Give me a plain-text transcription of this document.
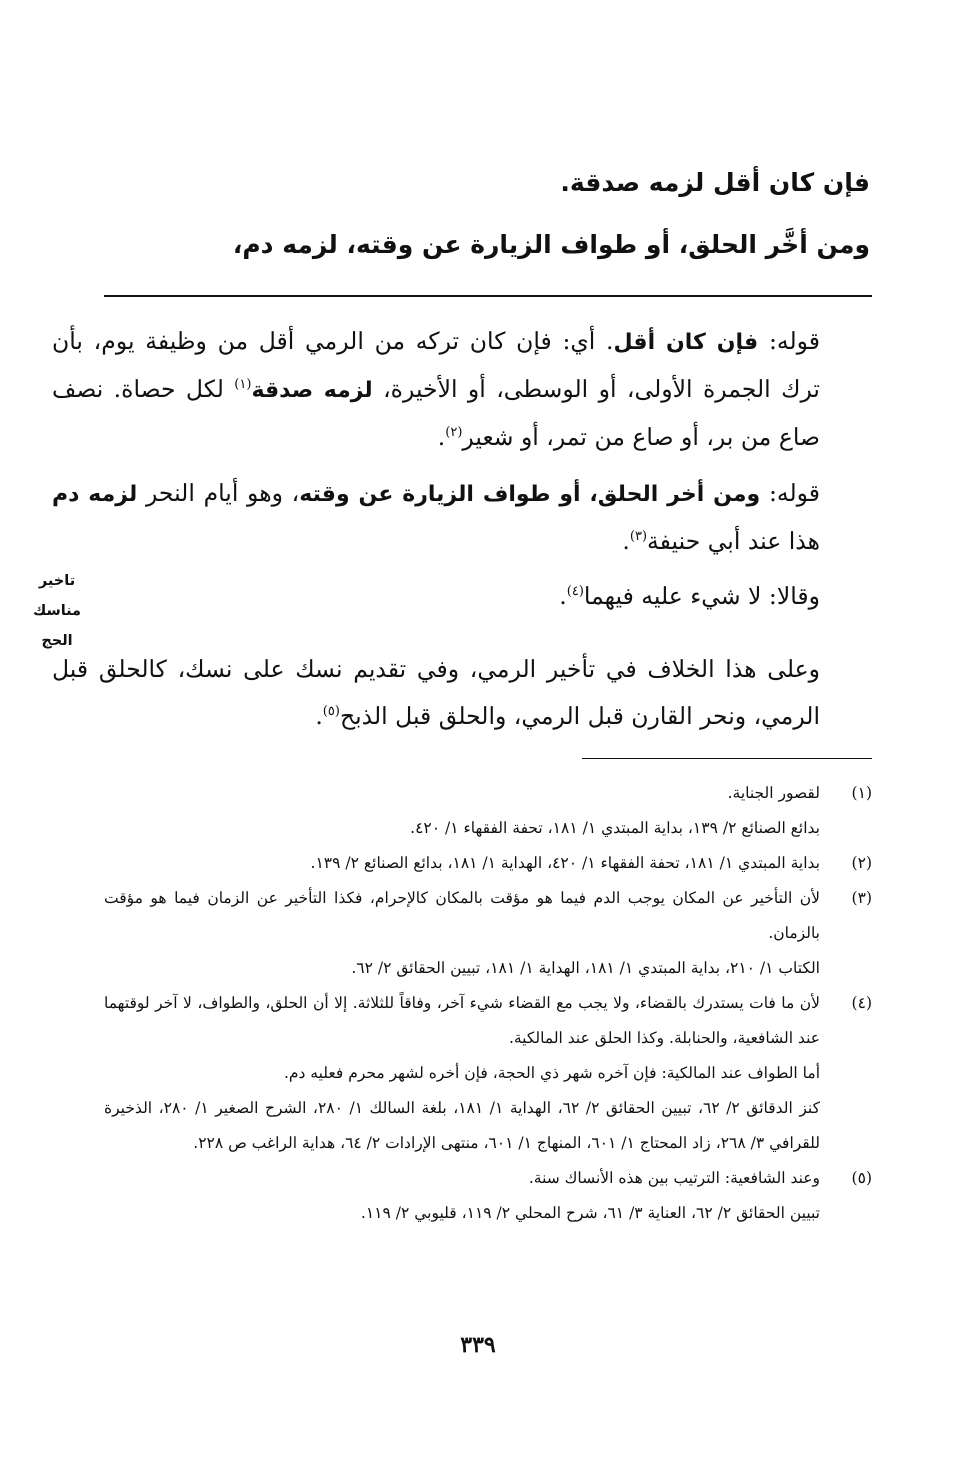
فإن كان أقل لزمه صدقة.
ومن أخَّر الحلق، أو طواف الزيارة عن وقته، لزمه دم،
قوله: فإن كان أقل. أي: فإن كان تركه من الرمي أقل من وظيفة يوم، بأن ترك الجمرة الأولى، أو الوسطى، أو الأخيرة، لزمه صدقة$^{(١)}$ لكل حصاة. نصف صاع من بر، أو صاع من تمر، أو شعير$^{(٢)}$.
قوله: ومن أخر الحلق، أو طواف الزيارة عن وقته، وهو أيام النحر لزمه دم هذا عند أبي حنيفة$^{(٣)}$.
وقالا: لا شيء عليه فيهما$^{(٤)}$.
وعلى هذا الخلاف في تأخير الرمي، وفي تقديم نسك على نسك، كالحلق قبل الرمي، ونحر القارن قبل الرمي، والحلق قبل الذبح$^{(٥)}$.
تاخير
مناسك
الحج
(١)

لقصور الجناية.

بدائع الصنائع ٢/ ١٣٩، بداية المبتدي ١/ ١٨١، تحفة الفقهاء ١/ ٤٢٠.

(٢)

بداية المبتدي ١/ ١٨١، تحفة الفقهاء ١/ ٤٢٠، الهداية ١/ ١٨١، بدائع الصنائع ٢/ ١٣٩.

(٣)

لأن التأخير عن المكان يوجب الدم فيما هو مؤقت بالمكان كالإحرام، فكذا التأخير عن الزمان فيما هو مؤقت بالزمان.

الكتاب ١/ ٢١٠، بداية المبتدي ١/ ١٨١، الهداية ١/ ١٨١، تبيين الحقائق ٢/ ٦٢.

(٤)

لأن ما فات يستدرك بالقضاء، ولا يجب مع القضاء شيء آخر، وفاقاً للثلاثة. إلا أن الحلق، والطواف، لا آخر لوقتهما عند الشافعية، والحنابلة. وكذا الحلق عند المالكية.

أما الطواف عند المالكية: فإن آخره شهر ذي الحجة، فإن أخره لشهر محرم فعليه دم.

كنز الدقائق ٢/ ٦٢، تبيين الحقائق ٢/ ٦٢، الهداية ١/ ١٨١، بلغة السالك ١/ ٢٨٠، الشرح الصغير ١/ ٢٨٠، الذخيرة للقرافي ٣/ ٢٦٨، زاد المحتاج ١/ ٦٠١، المنهاج ١/ ٦٠١، منتهى الإرادات ٢/ ٦٤، هداية الراغب ص ٢٢٨.

(٥)

وعند الشافعية: الترتيب بين هذه الأنساك سنة.

تبيين الحقائق ٢/ ٦٢، العناية ٣/ ٦١، شرح المحلي ٢/ ١١٩، قليوبي ٢/ ١١٩.

٣٣٩
